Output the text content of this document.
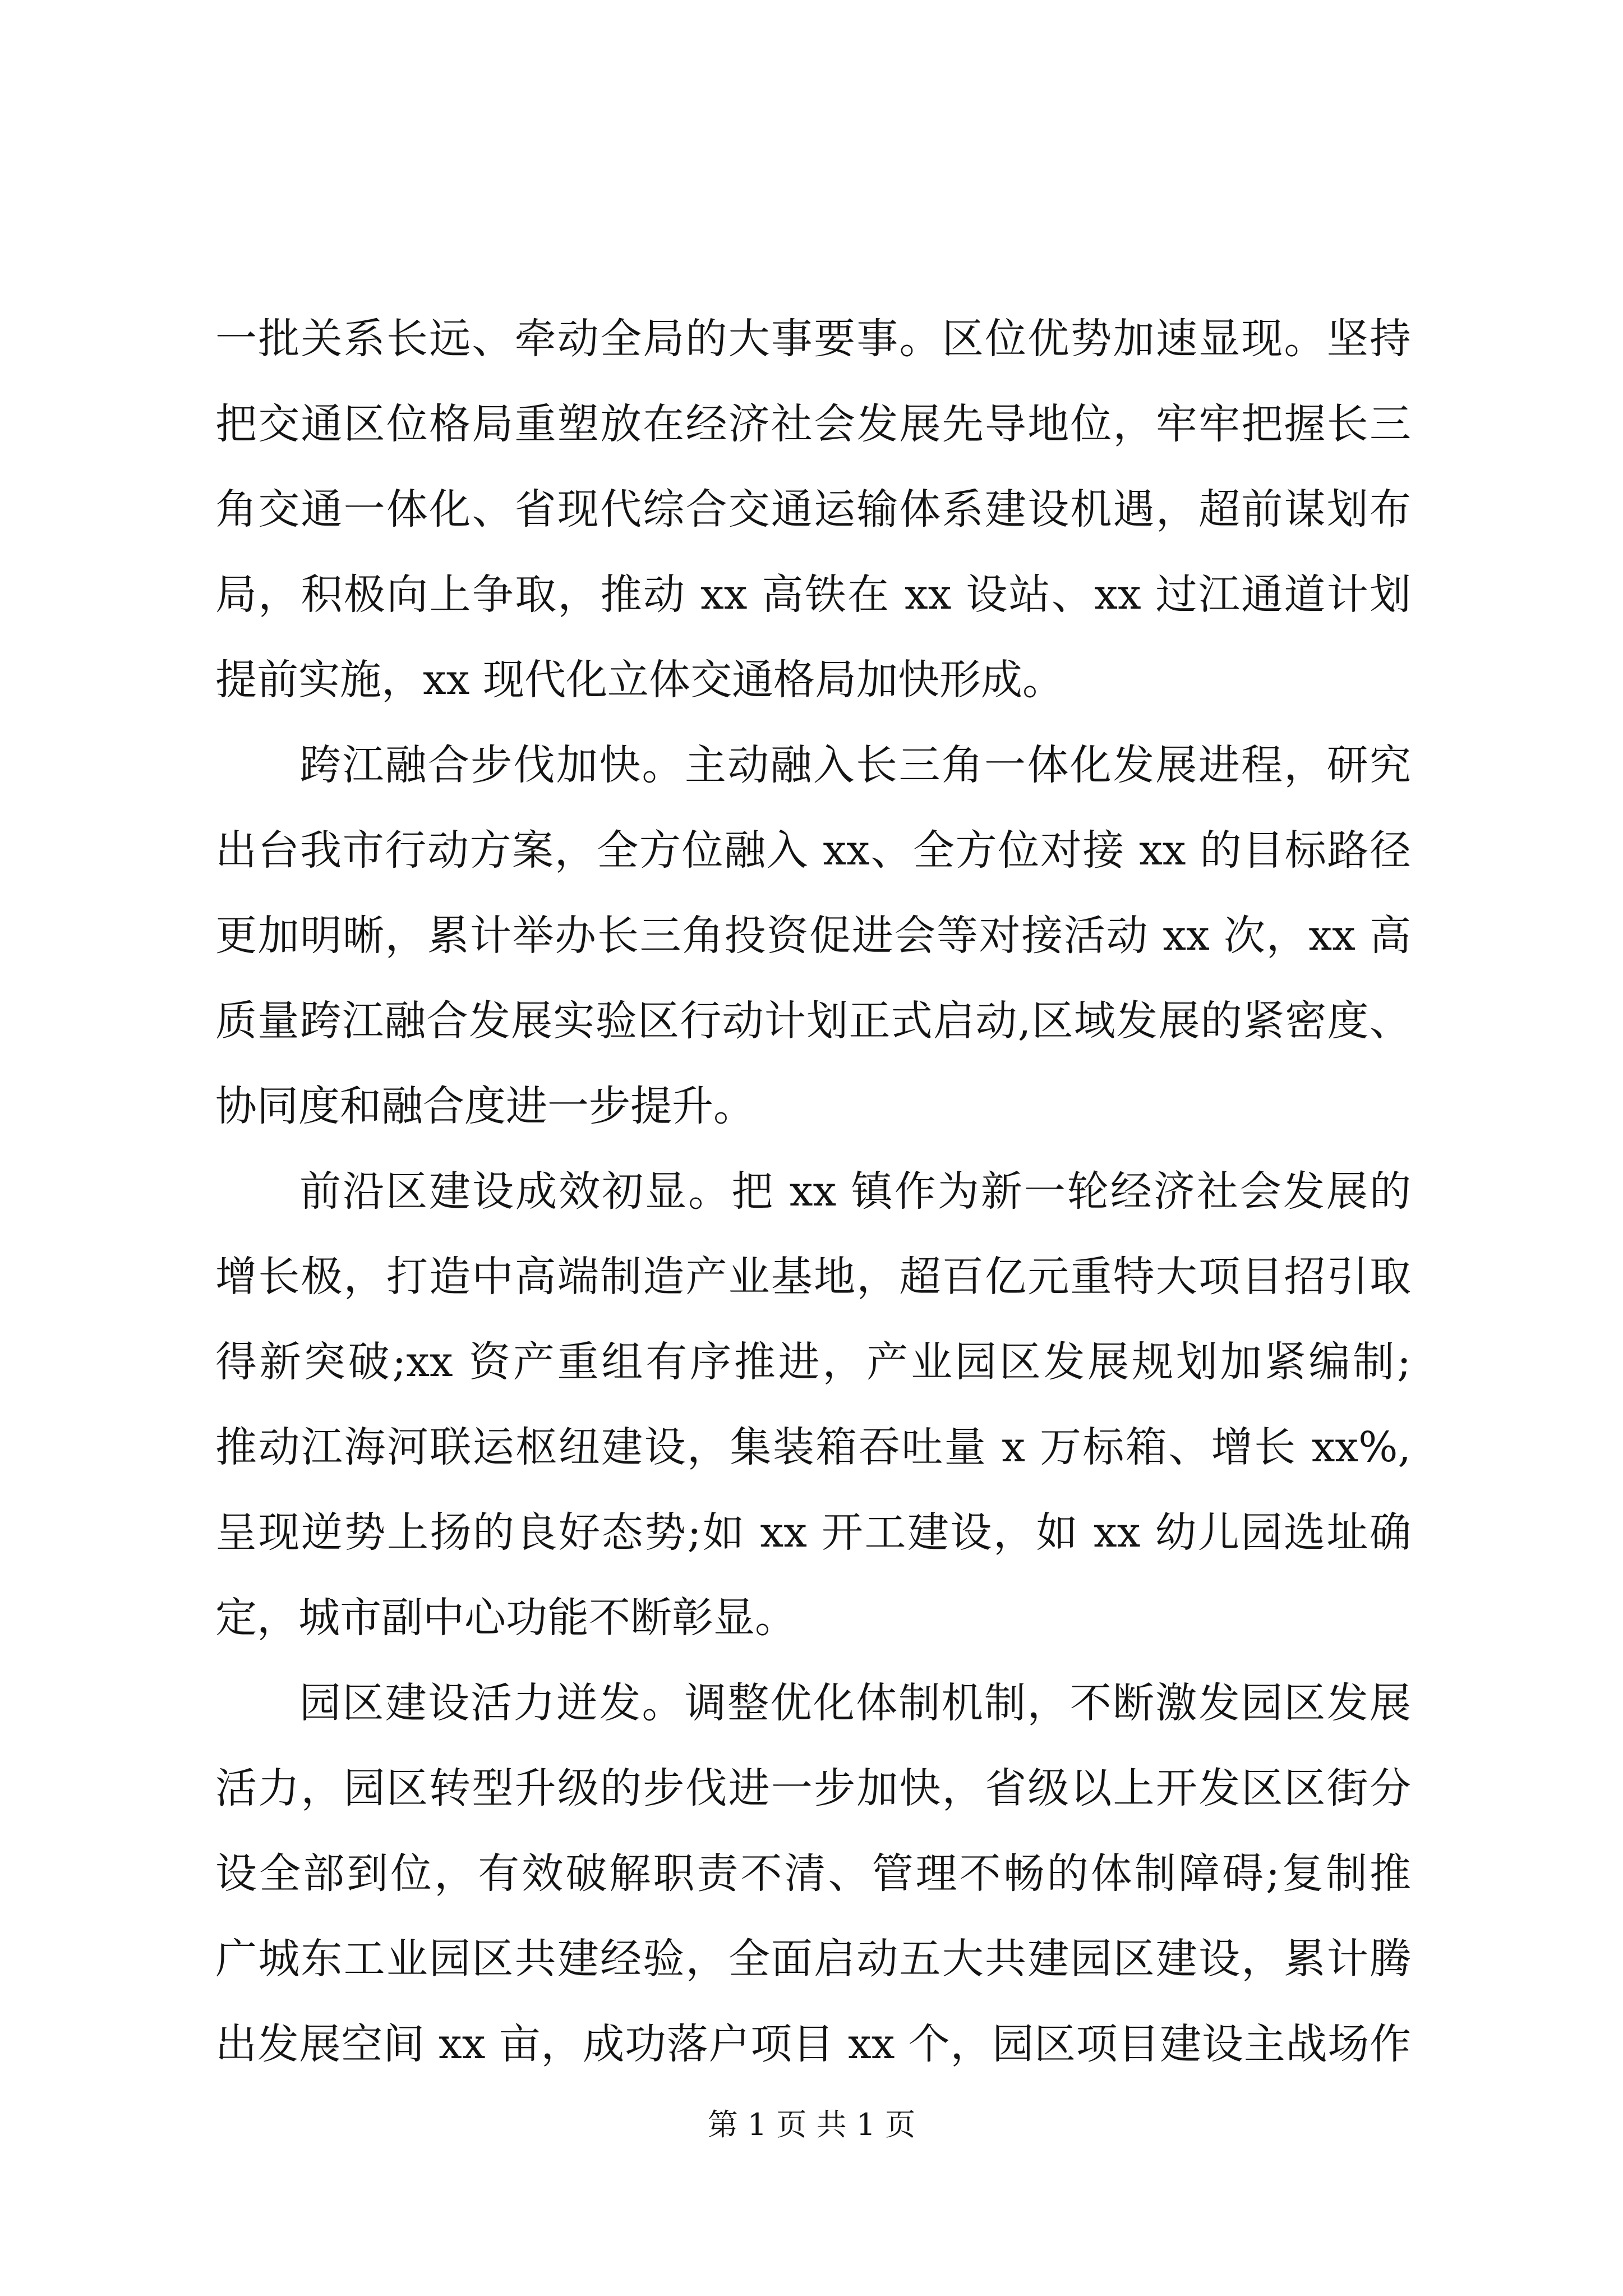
一批关系长远、牵动全局的大事要事。区位优势加速显现。坚持
把交通区位格局重塑放在经济社会发展先导地位，牢牢把握长三
角交通一体化、省现代综合交通运输体系建设机遇，超前谋划布
局，积极向上争取，推动 xx 高铁在 xx 设站、xx 过江通道计划
提前实施，xx 现代化立体交通格局加快形成。
跨江融合步伐加快。主动融入长三角一体化发展进程，研究
出台我市行动方案，全方位融入 xx、全方位对接 xx 的目标路径
更加明晰，累计举办长三角投资促进会等对接活动 xx 次，xx 高
质量跨江融合发展实验区行动计划正式启动,区域发展的紧密度、
协同度和融合度进一步提升。
前沿区建设成效初显。把 xx 镇作为新一轮经济社会发展的
增长极，打造中高端制造产业基地，超百亿元重特大项目招引取
得新突破;xx 资产重组有序推进，产业园区发展规划加紧编制;
推动江海河联运枢纽建设，集装箱吞吐量 x 万标箱、增长 xx%,
呈现逆势上扬的良好态势;如 xx 开工建设，如 xx 幼儿园选址确
定，城市副中心功能不断彰显。
园区建设活力迸发。调整优化体制机制，不断激发园区发展
活力，园区转型升级的步伐进一步加快，省级以上开发区区街分
设全部到位，有效破解职责不清、管理不畅的体制障碍;复制推
广城东工业园区共建经验，全面启动五大共建园区建设，累计腾
出发展空间 xx 亩，成功落户项目 xx 个，园区项目建设主战场作
第 1 页 共 1 页
